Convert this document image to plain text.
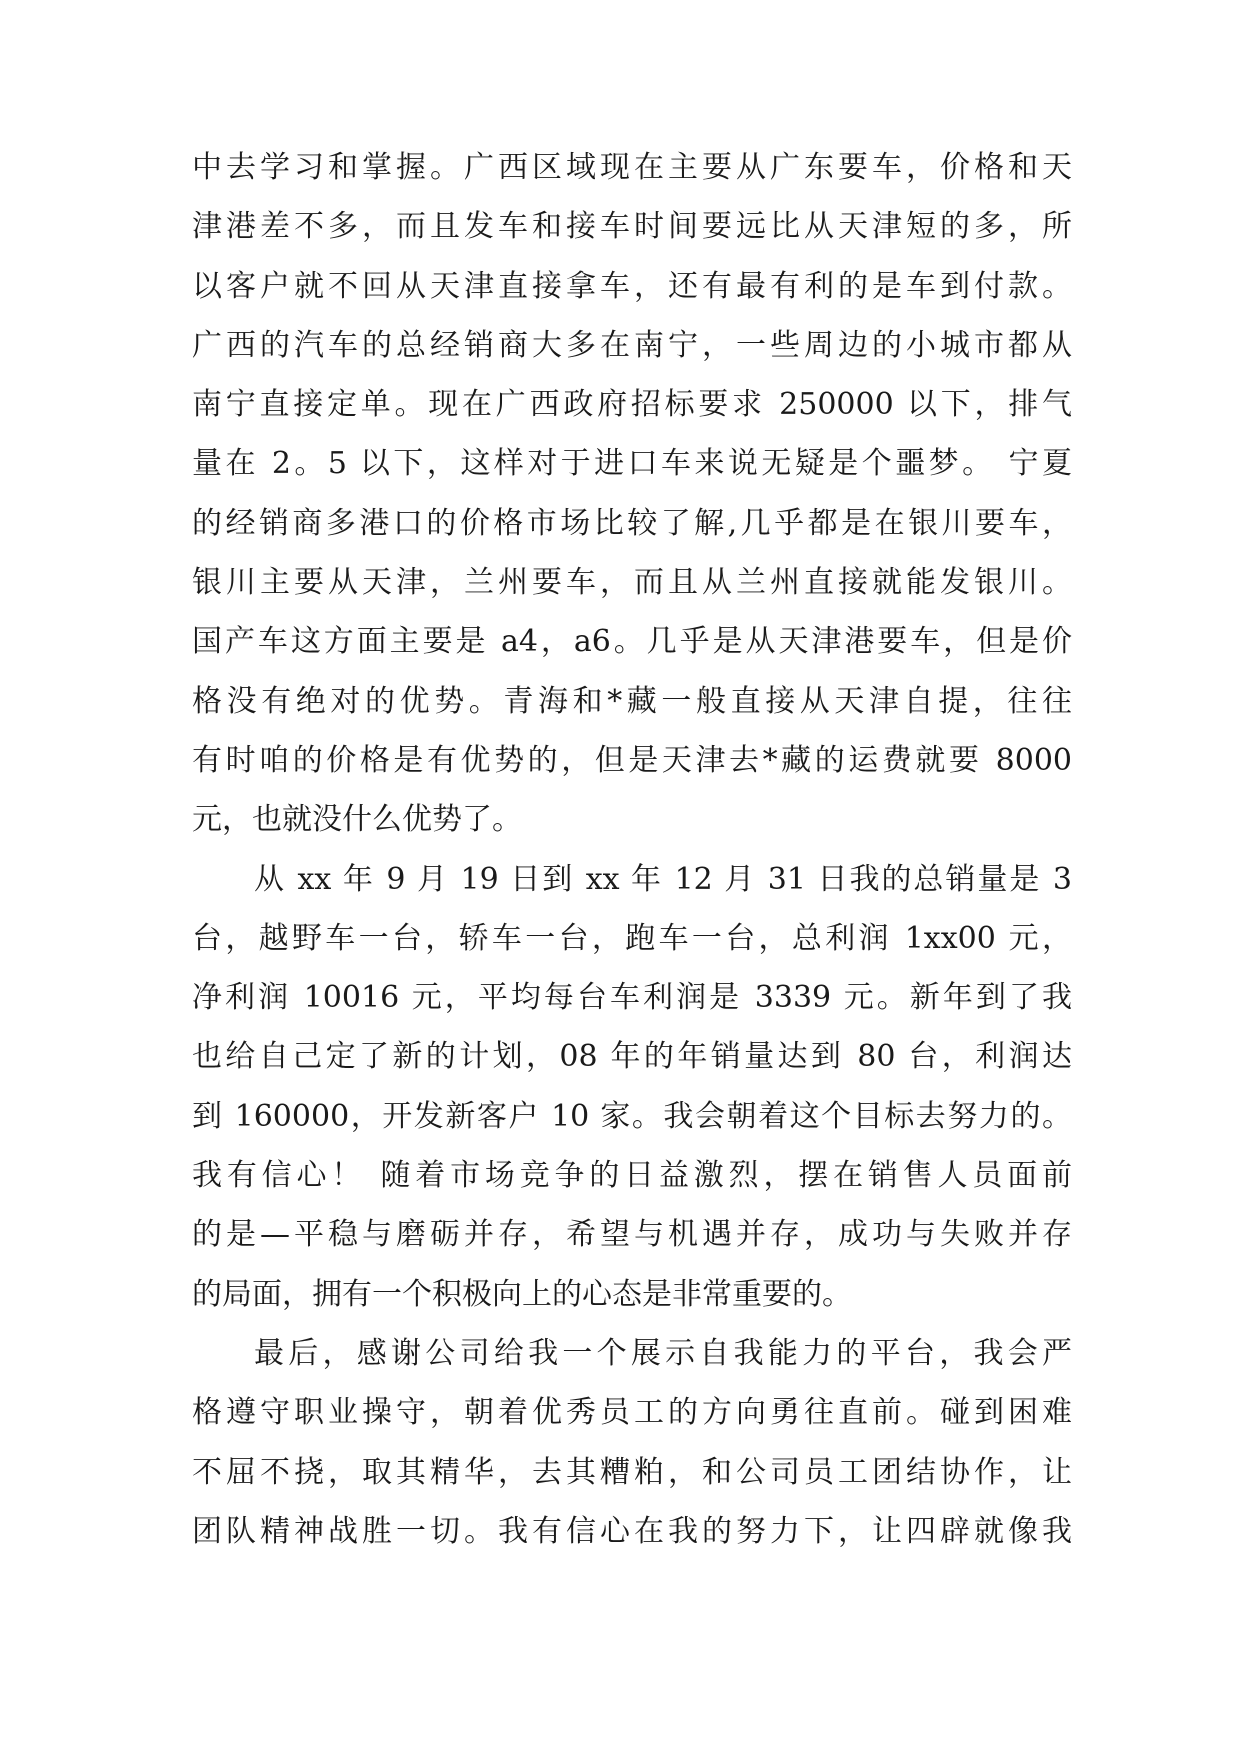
中去学习和掌握。广西区域现在主要从广东要车，价格和天
津港差不多，而且发车和接车时间要远比从天津短的多，所
以客户就不回从天津直接拿车，还有最有利的是车到付款。
广西的汽车的总经销商大多在南宁，一些周边的小城市都从
南宁直接定单。现在广西政府招标要求 250000 以下，排气
量在 2。5 以下，这样对于进口车来说无疑是个噩梦。 宁夏
的经销商多港口的价格市场比较了解,几乎都是在银川要车，
银川主要从天津，兰州要车，而且从兰州直接就能发银川。
国产车这方面主要是 a4，a6。几乎是从天津港要车，但是价
格没有绝对的优势。青海和*藏一般直接从天津自提，往往
有时咱的价格是有优势的，但是天津去*藏的运费就要 8000
元，也就没什么优势了。
从 xx 年 9 月 19 日到 xx 年 12 月 31 日我的总销量是 3
台，越野车一台，轿车一台，跑车一台，总利润 1xx00 元，
净利润 10016 元，平均每台车利润是 3339 元。新年到了我
也给自己定了新的计划，08 年的年销量达到 80 台，利润达
到 160000，开发新客户 10 家。我会朝着这个目标去努力的。
我有信心！ 随着市场竞争的日益激烈，摆在销售人员面前
的是—平稳与磨砺并存，希望与机遇并存，成功与失败并存
的局面，拥有一个积极向上的心态是非常重要的。
最后，感谢公司给我一个展示自我能力的平台，我会严
格遵守职业操守，朝着优秀员工的方向勇往直前。碰到困难
不屈不挠，取其精华，去其糟粕，和公司员工团结协作，让
团队精神战胜一切。我有信心在我的努力下，让四辟就像我
